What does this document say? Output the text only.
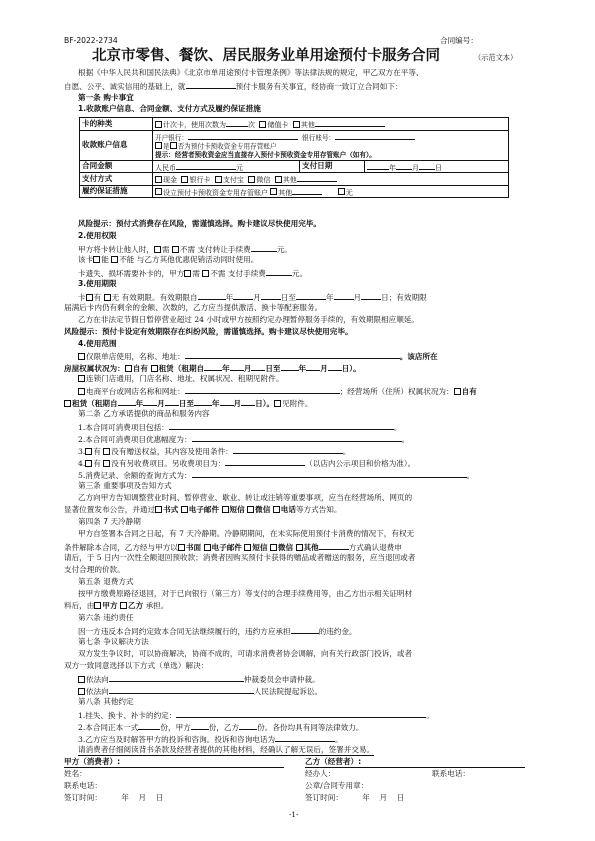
BF-2022-2734	合同编号：
北京市零售、餐饮、居民服务业单用途预付卡服务合同	（示范文本）
根据《中华人民共和国民法典》《北京市单用途预付卡管理条例》等法律法规的规定，甲乙双方在平等、
自愿、公平、诚实信用的基础上，就	预付卡服务有关事宜，经协商一致订立合同如下：
第一条 购卡事宜
1.收款账户信息、合同金额、支付方式及履约保证措施
卡的种类	计次卡，使用次数为 次 储值卡 其他		
收款账户信息	开户银行： 银行账号：
是 否为预付卡预收资金专用存管账户
提示：经营者预收资金应当直接存入预付卡预收资金专用存管账户（如有）。		

合同金额	人民币 元	支付日期	年 月 日
支付方式	现金 银行卡 支付宝 微信 其他		
履约保证措施	设立预付卡预收资金专用存管账户 其他 无		
风险提示：预付式消费存在风险，需谨慎选择。购卡建议尽快使用完毕。
2.使用权限
甲方将卡转让他人时， 需 不需 支付转让手续费	元。
该卡 能 不能 与乙方其他优惠促销活动同时使用。
卡遗失、损坏需要补卡的，甲方 需 不需 支付手续费	元。
3.使用期限
卡 有 无 有效期限。有效期限自	年	月	日至	年	月	日；有效期限
届满后卡内仍有剩余的金额、次数的，乙方应当提供激活、换卡等配套服务。
乙方在非法定节假日暂停营业超过 24 小时或甲方按照约定办理暂停服务手续的，有效期限相应顺延。
风险提示：预付卡设定有效期限存在纠纷风险，需谨慎选择。购卡建议尽快使用完毕。
4.使用范围
仅限单店使用，名称、地址：	。该店所在
房屋权属状况为： 自有 租赁（租期自 年 月 日至 年 月 日）。
连锁门店通用，门店名称、地址、权属状况、租期见附件。
电商平台或网店名称和网址：	；经营场所（住所）权属状况为： 自有
租赁（租期自 年 月 日至 年 月 日）。 见附件。
第二条 乙方承诺提供的商品和服务内容
1.本合同可消费项目包括：	。
2.本合同可消费项目优惠幅度为：	。
3. 有 没有赠送权益，其内容及使用条件：	。
4. 有 没有另收费项目。另收费项目为：	（以店内公示项目和价格为准）。
5.消费记录、余额的查询方式为：	。
第三条 重要事项及告知方式
乙方向甲方告知调整营业时间、暂停营业、歇业、转让或注销等重要事项，应当在经营场所、网页的
显著位置发布公告，并通过 书式 电子邮件 短信 微信 电话等方式告知。
第四条 7 天冷静期
甲方自签署本合同之日起，有 7 天冷静期。冷静期期间，在未实际使用预付卡消费的情况下，有权无
条件解除本合同，乙方经与甲方以 书面 电子邮件 短信 微信 其他	方式确认退费申
请后，于 5 日内一次性全额退回预收款；消费者因购买预付卡获得的赠品或者赠送的服务，应当退回或者
支付合理的价款。
第五条 退费方式
按甲方缴费原路径退回，对于已向银行（第三方）等支付的合理手续费用等，由乙方出示相关证明材
料后，由 甲方 乙方 承担。
第六条 违约责任
因一方违反本合同约定致本合同无法继续履行的，违约方应承担	的违约金。
第七条 争议解决方法
双方发生争议时，可以协商解决，协商不成的，可请求消费者协会调解，向有关行政部门投诉，或者
双方一致同意选择以下方式（单选）解决：
依法向	仲裁委员会申请仲裁。
依法向	人民法院提起诉讼。
第八条 其他约定
1.挂失、换卡、补卡的约定：	。
2.本合同正本一式	份，甲方 份，乙方 份。各份均具有同等法律效力。
3.乙方应当及时解答甲方的投诉和咨询。投诉和咨询电话为	。
请消费者仔细阅读背书条款及经营者提供的其他材料，经确认了解无误后，签署并交易。
甲方（消费者）:	乙方（经营者）:
姓名：	经办人：	联系电话：
联系电话：	公章/合同专用章：
签订时间：	年 月 日	签订时间：	年 月 日
-1-
